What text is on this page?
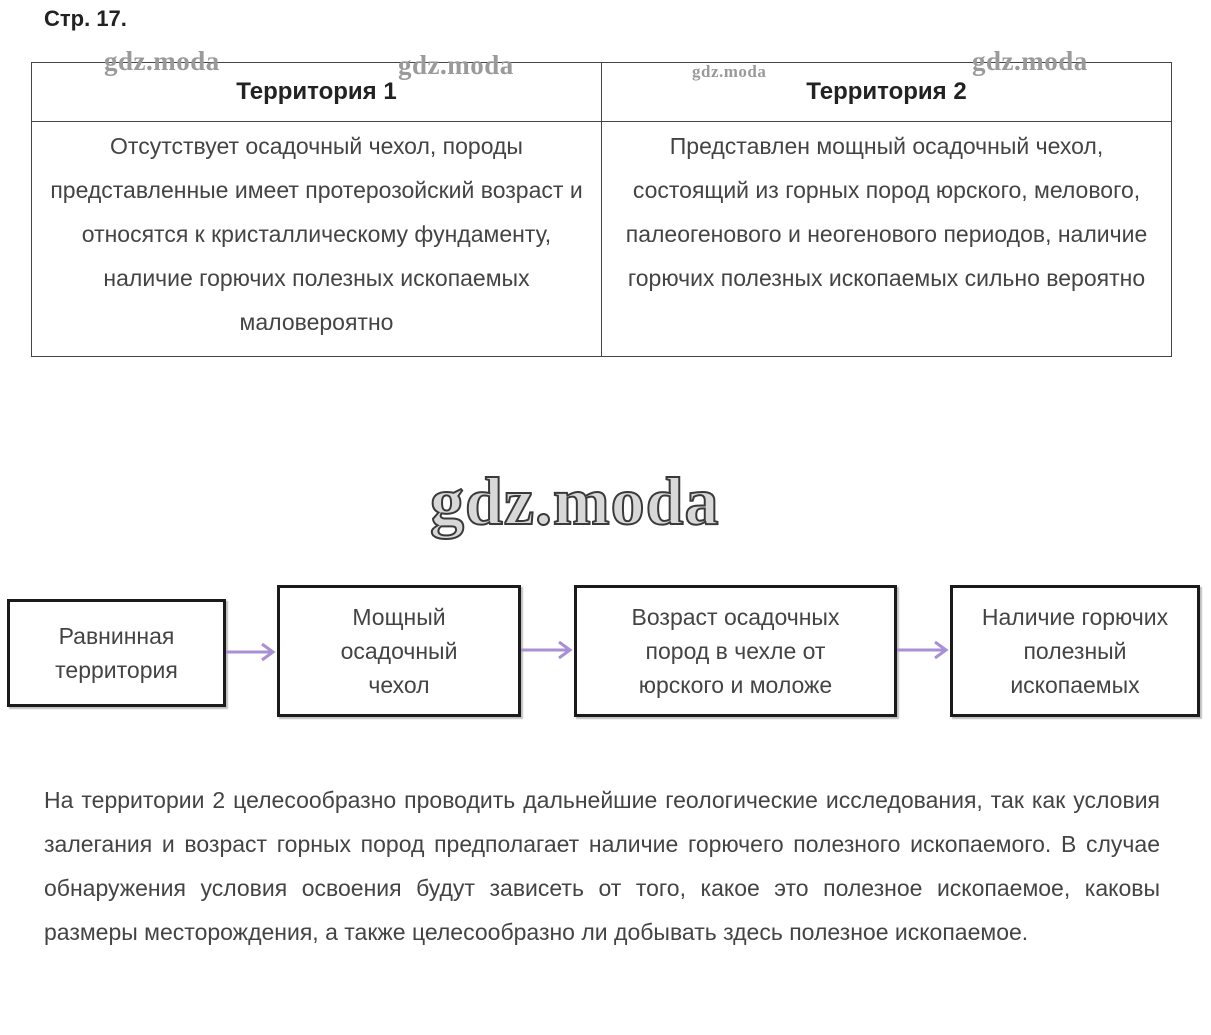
Стр. 17.
Территория 1	Территория 2
Отсутствует осадочный чехол, породы представленные имеет протерозойский возраст и относятся к кристаллическому фундаменту, наличие горючих полезных ископаемых маловероятно	Представлен мощный осадочный чехол, состоящий из горных пород юрского, мелового, палеогенового и неогенового периодов, наличие горючих полезных ископаемых сильно вероятно
gdz.moda	gdz.moda	gdz.moda	gdz.moda
gdz.moda
Равнинная
территория
Мощный
осадочный
чехол
Возраст осадочных
пород в чехле от
юрского и моложе
Наличие горючих
полезный
ископаемых

На территории 2 целесообразно проводить дальнейшие геологические исследования, так как условия залегания и возраст горных пород предполагает наличие горючего полезного ископаемого. В случае обнаружения условия освоения будут зависеть от того, какое это полезное ископаемое, каковы размеры месторождения, а также целесообразно ли добывать здесь полезное ископаемое.
